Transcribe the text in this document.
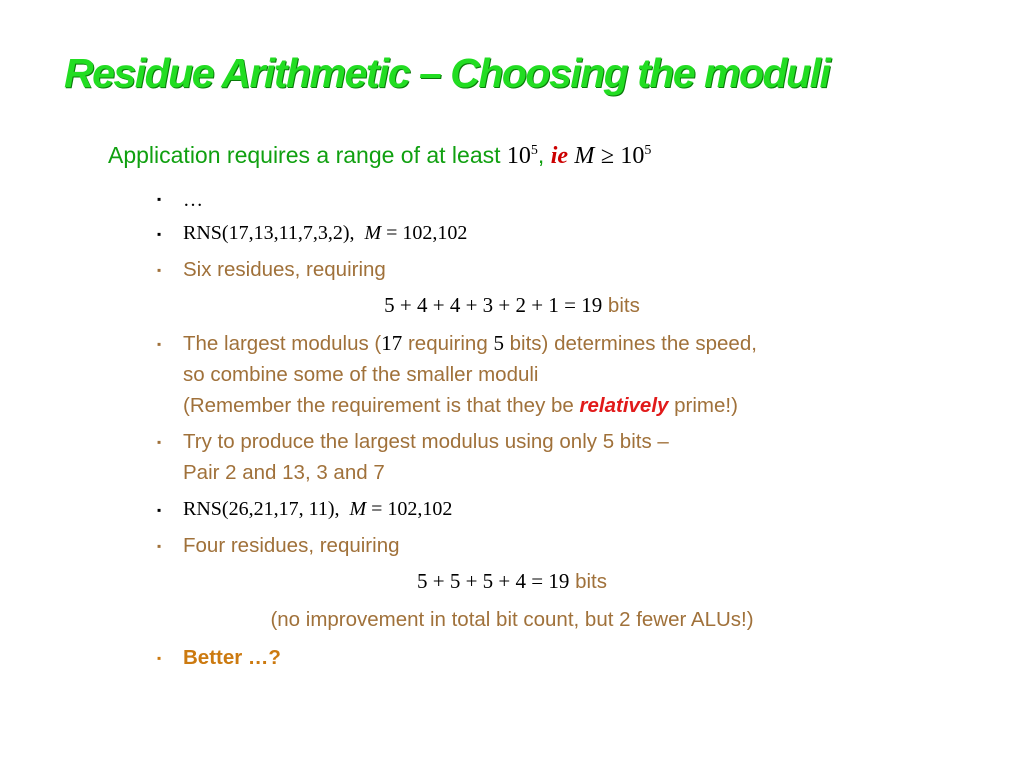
Residue Arithmetic – Choosing the moduli
Application requires a range of at least $10^5$, ie $M \ge 10^5$
▪ …
▪ RNS(17,13,11,7,3,2), M = 102,102
▪ Six residues, requiring
5 + 4 + 4 + 3 + 2 + 1 = 19 bits
▪ The largest modulus (17 requiring 5 bits) determines the speed,
so combine some of the smaller moduli
(Remember the requirement is that they be relatively prime!)
▪ Try to produce the largest modulus using only 5 bits –
Pair 2 and 13, 3 and 7
▪ RNS(26,21,17, 11), M = 102,102
▪ Four residues, requiring
5 + 5 + 5 + 4 = 19 bits
(no improvement in total bit count, but 2 fewer ALUs!)
▪ Better …?
